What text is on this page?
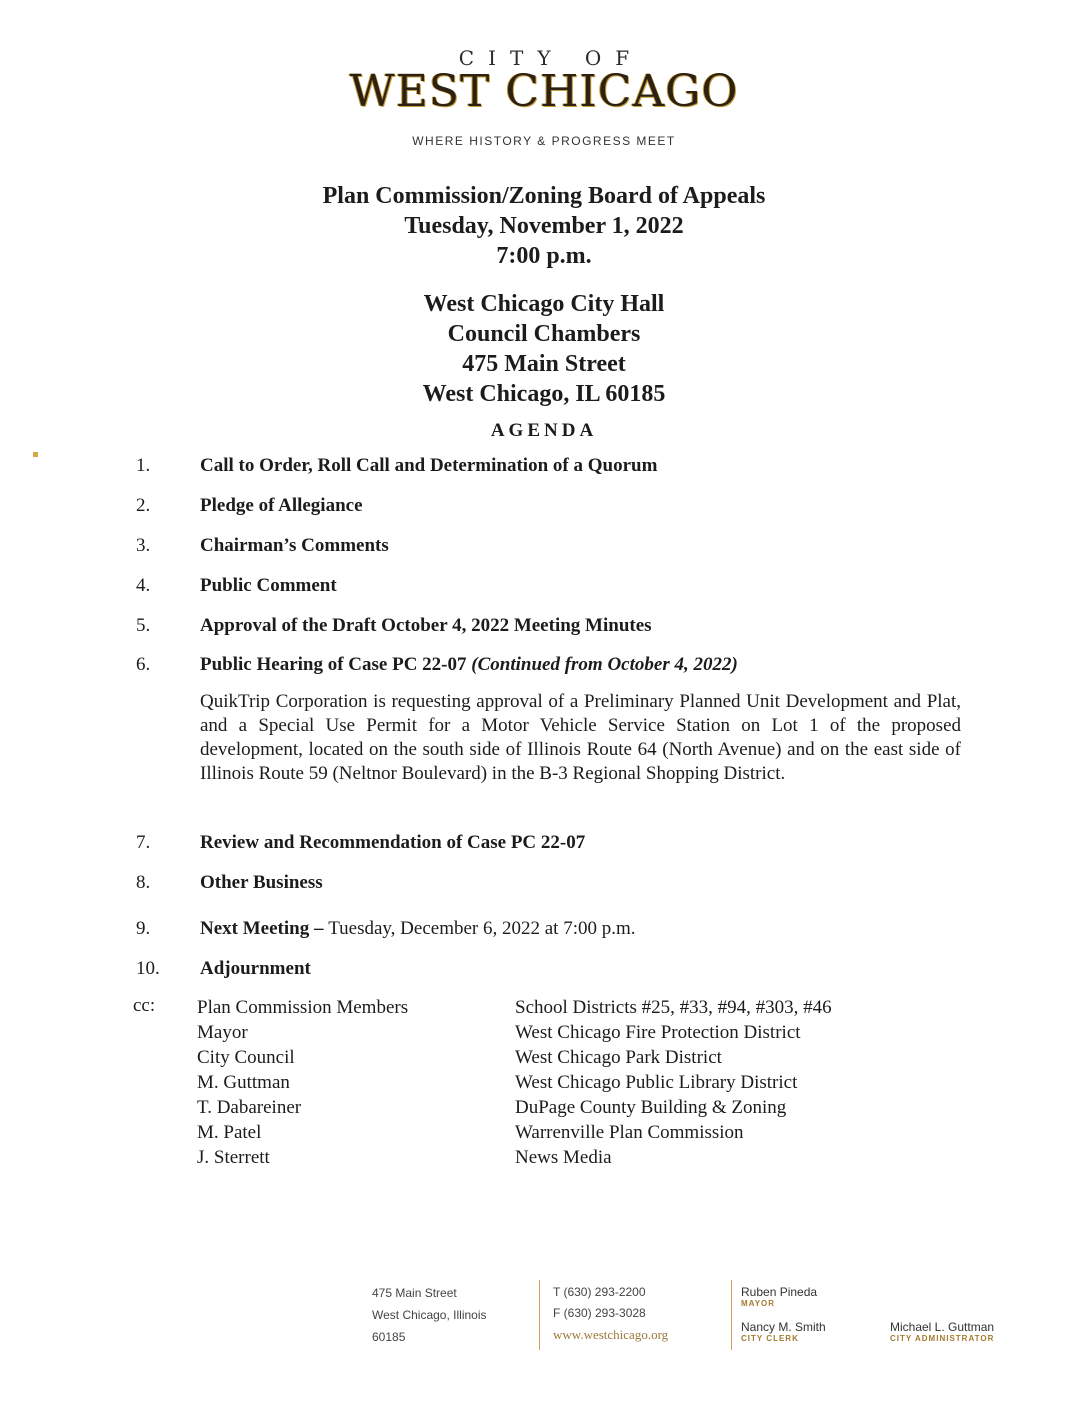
CITY OF
WEST CHICAGO
WHERE HISTORY & PROGRESS MEET
Plan Commission/Zoning Board of Appeals
Tuesday, November 1, 2022
7:00 p.m.
West Chicago City Hall
Council Chambers
475 Main Street
West Chicago, IL 60185
AGENDA
1.	Call to Order, Roll Call and Determination of a Quorum
2.	Pledge of Allegiance
3.	Chairman’s Comments
4.	Public Comment
5.	Approval of the Draft October 4, 2022 Meeting Minutes
6.	Public Hearing of Case PC 22-07 (Continued from October 4, 2022)
QuikTrip Corporation is requesting approval of a Preliminary Planned Unit Development and Plat, and a Special Use Permit for a Motor Vehicle Service Station on Lot 1 of the proposed development, located on the south side of Illinois Route 64 (North Avenue) and on the east side of Illinois Route 59 (Neltnor Boulevard) in the B-3 Regional Shopping District.
7.	Review and Recommendation of Case PC 22-07
8.	Other Business
9.	Next Meeting – Tuesday, December 6, 2022 at 7:00 p.m.
10. Adjournment
cc: Plan Commission Members
Mayor
City Council
M. Guttman
T. Dabareiner
M. Patel
J. Sterrett
School Districts #25, #33, #94, #303, #46
West Chicago Fire Protection District
West Chicago Park District
West Chicago Public Library District
DuPage County Building & Zoning
Warrenville Plan Commission
News Media
475 Main Street
West Chicago, Illinois
60185
T (630) 293-2200
F (630) 293-3028
www.westchicago.org
Ruben Pineda
MAYOR
Nancy M. Smith
CITY CLERK
Michael L. Guttman
CITY ADMINISTRATOR
